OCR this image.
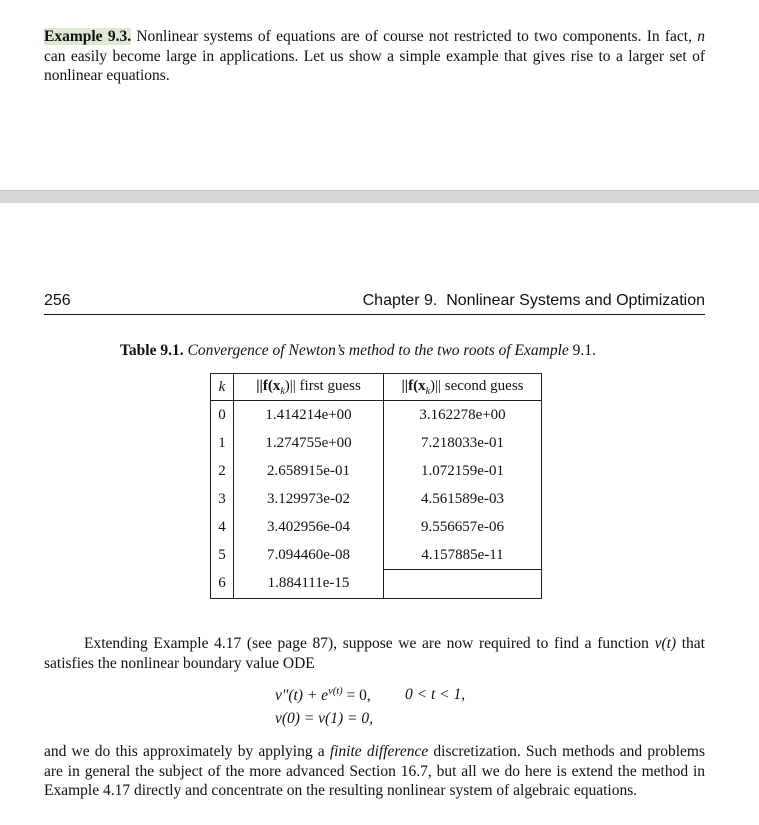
Example 9.3. Nonlinear systems of equations are of course not restricted to two components. In fact, n can easily become large in applications. Let us show a simple example that gives rise to a larger set of nonlinear equations.
256	Chapter 9.  Nonlinear Systems and Optimization
Table 9.1. Convergence of Newton’s method to the two roots of Example 9.1.
k	$||f(x_k)||$ first guess	$||f(x_k)||$ second guess
0	1.414214e+00	3.162278e+00
1	1.274755e+00	7.218033e-01
2	2.658915e-01	1.072159e-01
3	3.129973e-02	4.561589e-03
4	3.402956e-04	9.556657e-06
5	7.094460e-08	4.157885e-11
6	1.884111e-15	
Extending Example 4.17 (see page 87), suppose we are now required to find a function v(t) that satisfies the nonlinear boundary value ODE
$v''(t) + e^{v(t)} = 0$, 0 < t < 1,
v(0) = v(1) = 0,
and we do this approximately by applying a finite difference discretization. Such methods and problems are in general the subject of the more advanced Section 16.7, but all we do here is extend the method in Example 4.17 directly and concentrate on the resulting nonlinear system of algebraic equations.
